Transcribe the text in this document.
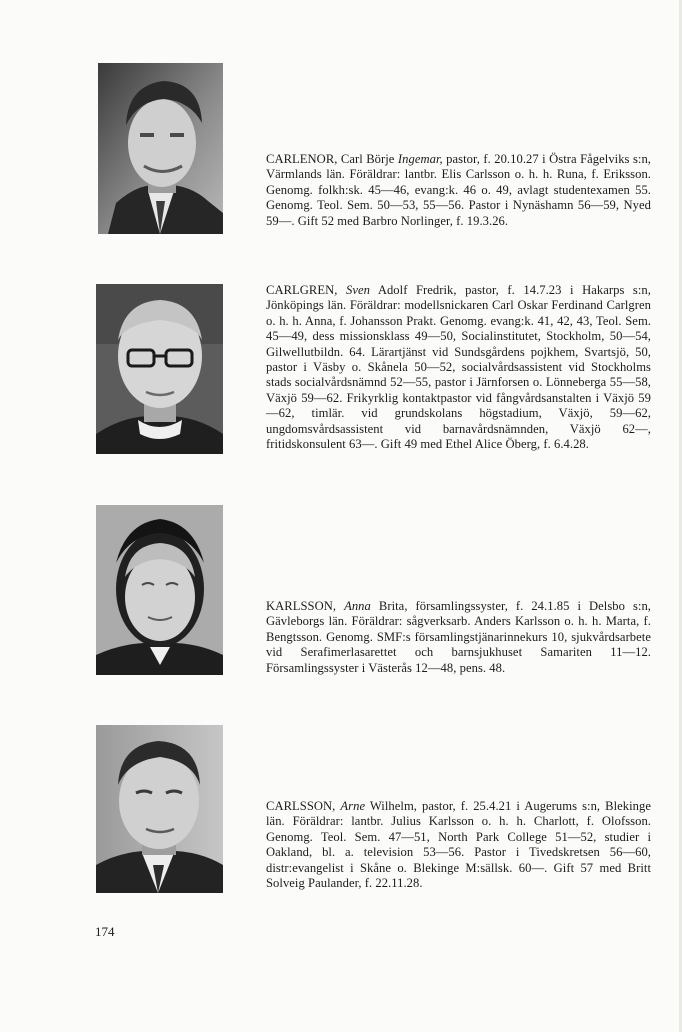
CARLENOR, Carl Börje Ingemar, pastor, f. 20.10.27 i Östra Fågelviks s:n, Värmlands län. Föräldrar: lantbr. Elis Carlsson o. h. h. Runa, f. Eriksson. Genomg. folkh:sk. 45—46, evang:k. 46 o. 49, avlagt studentexamen 55. Genomg. Teol. Sem. 50—53, 55—56. Pastor i Nynäshamn 56—59, Nyed 59—. Gift 52 med Barbro Norlinger, f. 19.3.26.

CARLGREN, Sven Adolf Fredrik, pastor, f. 14.7.23 i Hakarps s:n, Jönköpings län. Föräldrar: modellsnickaren Carl Oskar Ferdinand Carlgren o. h. h. Anna, f. Johansson Prakt. Genomg. evang:k. 41, 42, 43, Teol. Sem. 45—49, dess missionsklass 49—50, Socialinstitutet, Stockholm, 50—54, Gilwellutbildn. 64. Lärartjänst vid Sundsgårdens pojkhem, Svartsjö, 50, pastor i Väsby o. Skånela 50—52, socialvårdsassistent vid Stockholms stads socialvårdsnämnd 52—55, pastor i Järnforsen o. Lönneberga 55—58, Växjö 59—62. Frikyrklig kontaktpastor vid fångvårdsanstalten i Växjö 59—62, timlär. vid grundskolans högstadium, Växjö, 59—62, ungdomsvårdsassistent vid barnavårdsnämnden, Växjö 62—, fritidskonsulent 63—. Gift 49 med Ethel Alice Öberg, f. 6.4.28.

KARLSSON, Anna Brita, församlingssyster, f. 24.1.85 i Delsbo s:n, Gävleborgs län. Föräldrar: sågverksarb. Anders Karlsson o. h. h. Marta, f. Bengtsson. Genomg. SMF:s församlingstjänarinnekurs 10, sjukvårdsarbete vid Serafimerlasarettet och barnsjukhuset Samariten 11—12. Församlingssyster i Västerås 12—48, pens. 48.

CARLSSON, Arne Wilhelm, pastor, f. 25.4.21 i Augerums s:n, Blekinge län. Föräldrar: lantbr. Julius Karlsson o. h. h. Charlott, f. Olofsson. Genomg. Teol. Sem. 47—51, North Park College 51—52, studier i Oakland, bl. a. television 53—56. Pastor i Tivedskretsen 56—60, distr:evangelist i Skåne o. Blekinge M:sällsk. 60—. Gift 57 med Britt Solveig Paulander, f. 22.11.28.

174
